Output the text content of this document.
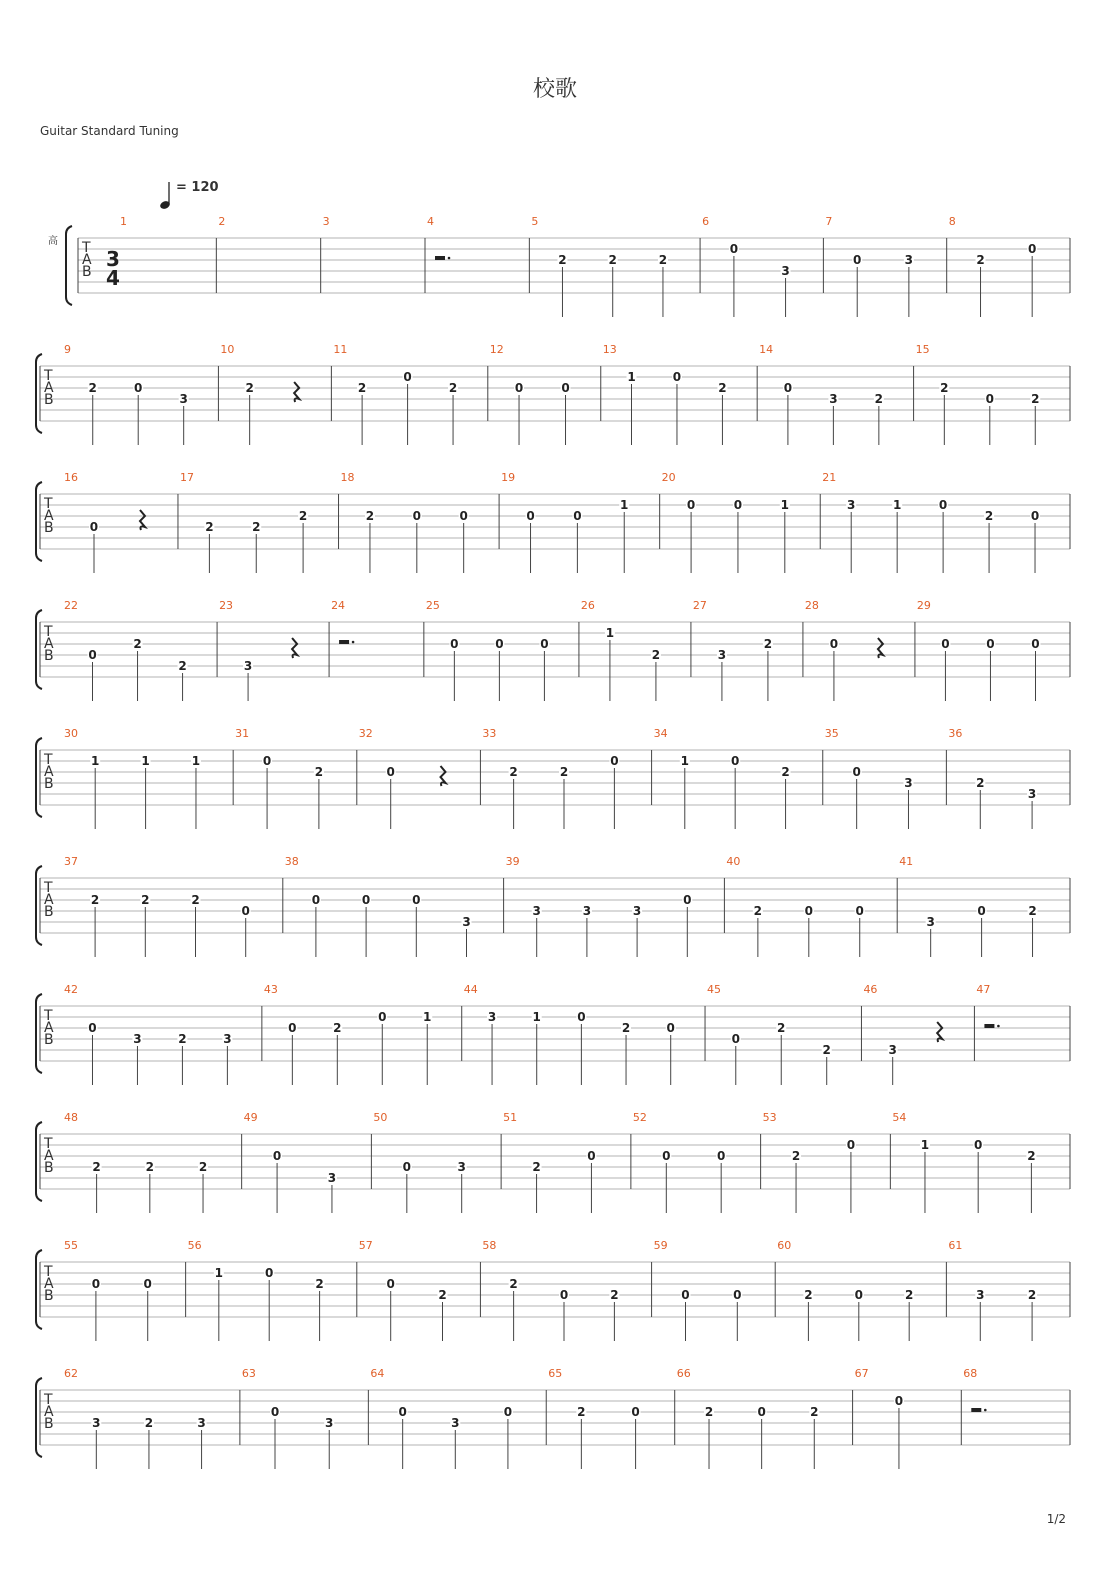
校歌
Guitar Standard Tuning
= 120
1/2
T
A
B
高
3
4
1	2	3	4	5
2	2	2
6
0
3
7
0	3
8
2
0
T
A
B
9
2	0
3
10
2
11
2
0
2
12
0	0
13
1	0
2
14
0
3	2
15
2
0	2
T
A
B
16
0
17
2	2
2
18
2	0	0
19
0	0
1
20
0	0	1
21
3	1	0
2	0
T
A
B
22
0
2
2
23
3
24	25
0	0	0
26
1
2
27
3
2
28
0
29
0	0	0
T
A
B
30
1	1	1
31
0
2
32
0
33
2	2
0
34
1	0
2
35
0
3
36
2
3
T
A
B
37
2	2	2
0
38
0	0	0
3
39
3	3	3
0
40
2	0	0
41
3
0	2
T
A
B
42
0
3	2	3
43
0	2
0	1
44
3	1	0
2	0
45
0
2
2
46
3
47
T
A
B
48
2	2	2
49
0
3
50
0	3
51
2
0
52
0	0
53
2
0
54
1	0
2
T
A
B
55
0	0
56
1	0
2
57
0
2
58
2
0	2
59
0	0
60
2	0	2
61
3	2
T
A
B
62
3	2	3
63
0
3
64
0
3
0
65
2	0
66
2	0	2
67
0
68
